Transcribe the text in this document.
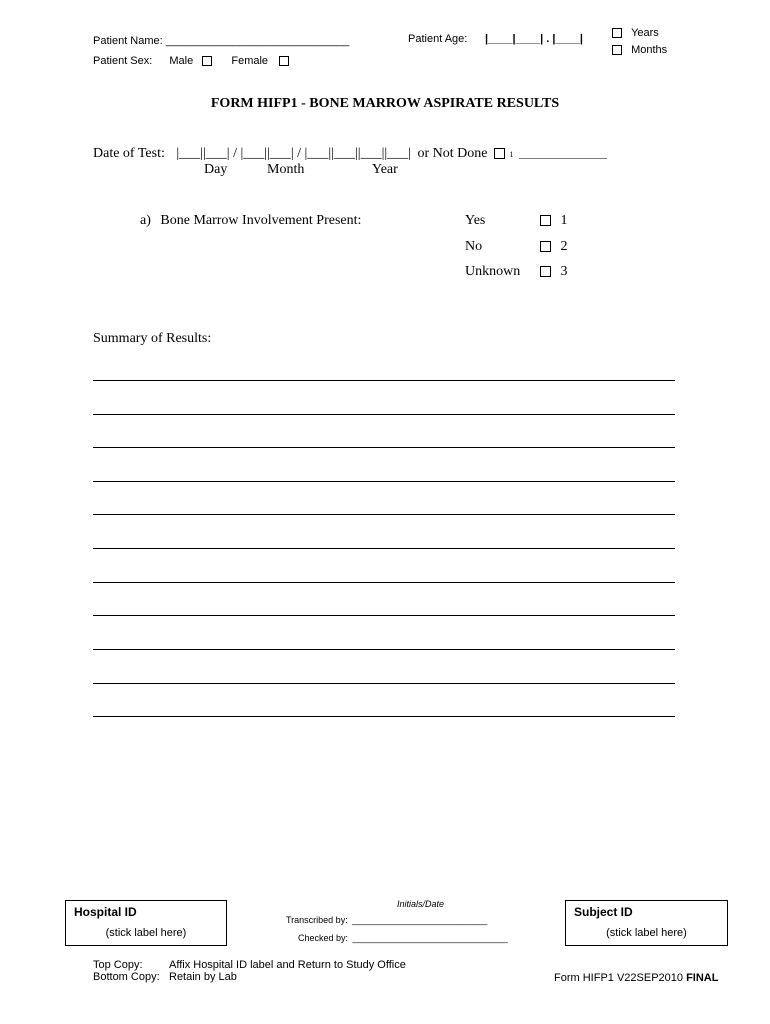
Patient Name: ______________________________	Patient Age: |____|____| . |____|	Years
Months
Patient Sex: Male	Female
FORM HIFP1 - BONE MARROW ASPIRATE RESULTS
Date of Test: |___||___| / |___||___| / |___||___||___||___| or Not Done	1 ________________
Day	Month	Year
a) Bone Marrow Involvement Present:	Yes	1
No	2
Unknown	3
Summary of Results:
Hospital ID
(stick label here)
Initials/Date
Transcribed by: ___________________________
Checked by: _______________________________
Subject ID
(stick label here)
Top Copy: Affix Hospital ID label and Return to Study Office
Bottom Copy: Retain by Lab	Form HIFP1 V22SEP2010 FINAL
